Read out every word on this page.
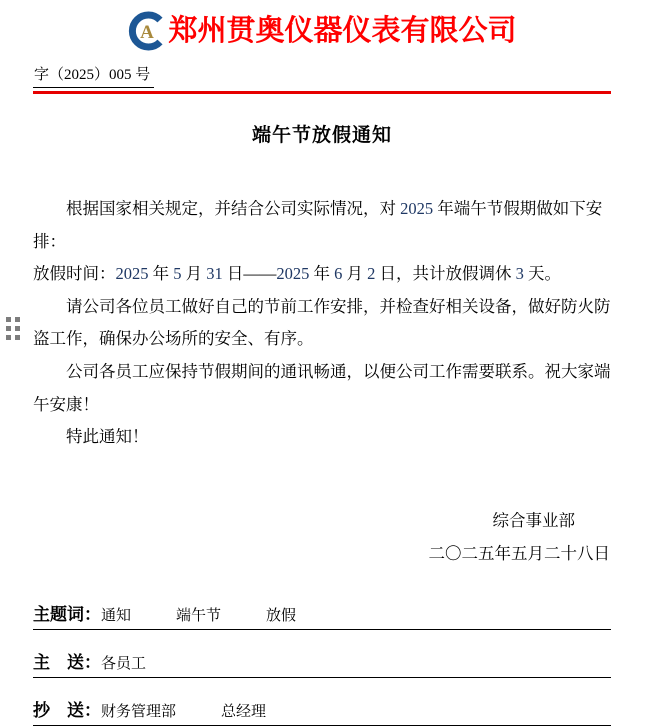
A 郑州贯奥仪器仪表有限公司
字（2025）005 号
端午节放假通知
根据国家相关规定，并结合公司实际情况，对 2025 年端午节假期做如下安排：
放假时间：2025 年 5 月 31 日——2025 年 6 月 2 日，共计放假调休 3 天。
请公司各位员工做好自己的节前工作安排，并检查好相关设备，做好防火防
盗工作，确保办公场所的安全、有序。
公司各员工应保持节假期间的通讯畅通，以便公司工作需要联系。祝大家端
午安康！
特此通知！
综合事业部
二〇二五年五月二十八日
主题词：通知　　　端午节　　　放假
主　送：各员工
抄　送：财务管理部　　　总经理
